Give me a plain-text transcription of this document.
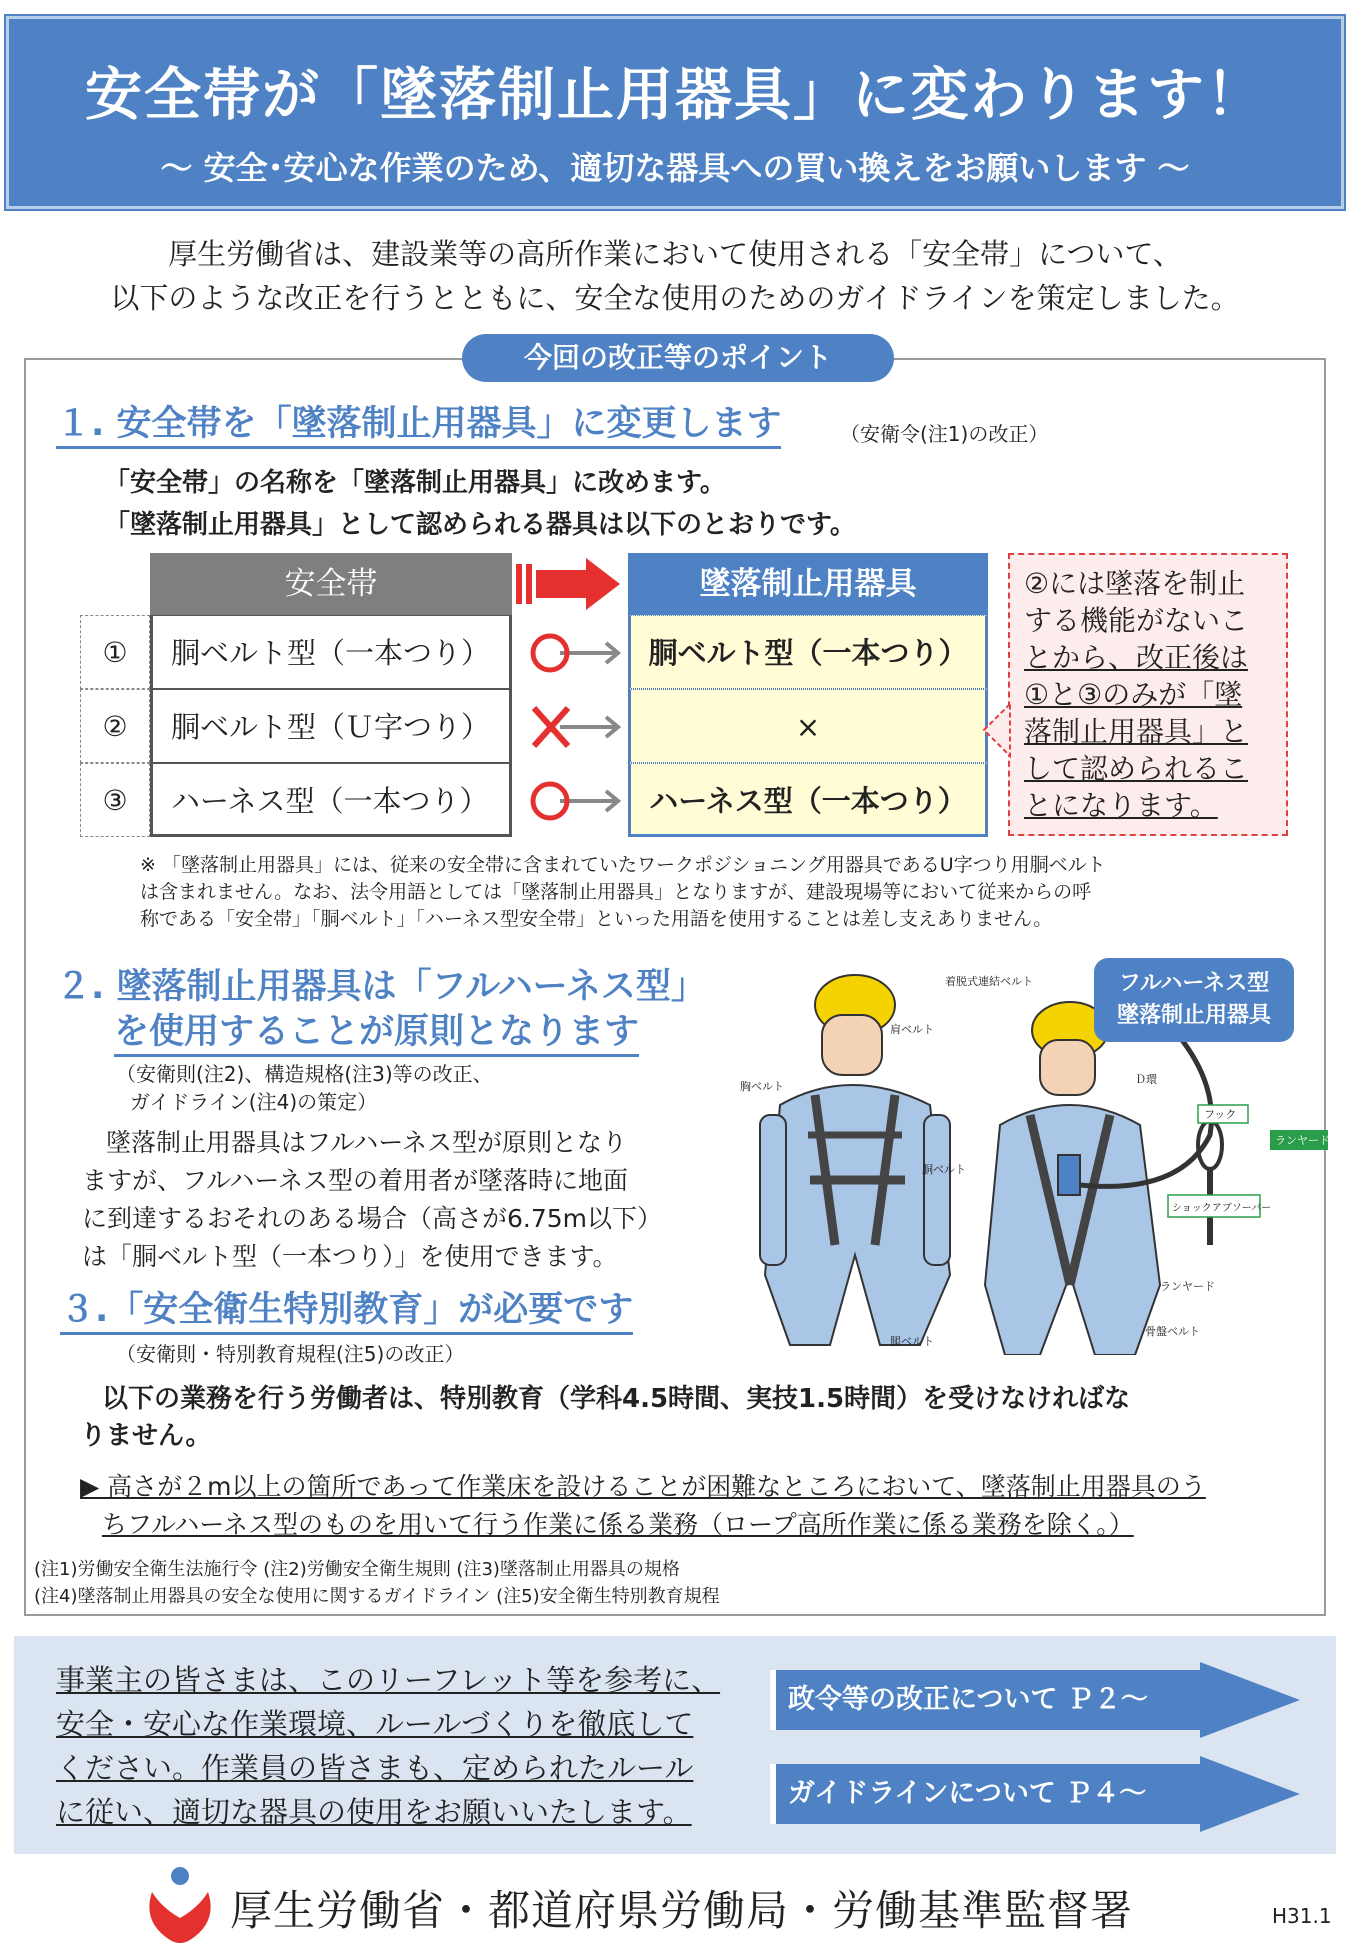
安全帯が「墜落制止用器具」に変わります！
～ 安全･安心な作業のため、適切な器具への買い換えをお願いします ～
厚生労働省は、建設業等の高所作業において使用される「安全帯」について、
以下のような改正を行うとともに、安全な使用のためのガイドラインを策定しました。
今回の改正等のポイント
１. 安全帯を「墜落制止用器具」に変更します	（安衛令(注1)の改正）
「安全帯」の名称を「墜落制止用器具」に改めます。
「墜落制止用器具」として認められる器具は以下のとおりです。
安全帯	墜落制止用器具
①	胴ベルト型（一本つり）	胴ベルト型（一本つり）
②	胴ベルト型（Ｕ字つり）	×
③	ハーネス型（一本つり）	ハーネス型（一本つり）
②には墜落を制止
する機能がないこ
とから、改正後は
①と③のみが「墜
落制止用器具」と
して認められるこ
とになります。
※ 「墜落制止用器具」には、従来の安全帯に含まれていたワークポジショニング用器具であるU字つり用胴ベルト
は含まれません。なお、法令用語としては「墜落制止用器具」となりますが、建設現場等において従来からの呼
称である「安全帯」「胴ベルト」「ハーネス型安全帯」といった用語を使用することは差し支えありません。
２. 墜落制止用器具は「フルハーネス型」
を使用することが原則となります
（安衛則(注2)、構造規格(注3)等の改正、
ガイドライン(注4)の策定）
墜落制止用器具はフルハーネス型が原則となり
ますが、フルハーネス型の着用者が墜落時に地面
に到達するおそれのある場合（高さが6.75m以下）
は「胴ベルト型（一本つり）」を使用できます。
着脱式連結ベルト
肩ベルト
胸ベルト
胴ベルト
腿ベルト
Ｄ環
フック
ランヤード
ショックアブソーバー
ランヤード
骨盤ベルト
フルハーネス型
墜落制止用器具
３.「安全衛生特別教育」が必要です
（安衛則・特別教育規程(注5)の改正）
以下の業務を行う労働者は、特別教育（学科4.5時間、実技1.5時間）を受けなければな
りません。
▶ 高さが２m以上の箇所であって作業床を設けることが困難なところにおいて、墜落制止用器具のう
ちフルハーネス型のものを用いて行う作業に係る業務（ロープ高所作業に係る業務を除く。）
(注1)労働安全衛生法施行令 (注2)労働安全衛生規則 (注3)墜落制止用器具の規格
(注4)墜落制止用器具の安全な使用に関するガイドライン (注5)安全衛生特別教育規程
事業主の皆さまは、このリーフレット等を参考に、
安全・安心な作業環境、ルールづくりを徹底して
ください。作業員の皆さまも、定められたルール
に従い、適切な器具の使用をお願いいたします。
政令等の改正について Ｐ２～
ガイドラインについて Ｐ４～
厚生労働省・都道府県労働局・労働基準監督署	H31.1
